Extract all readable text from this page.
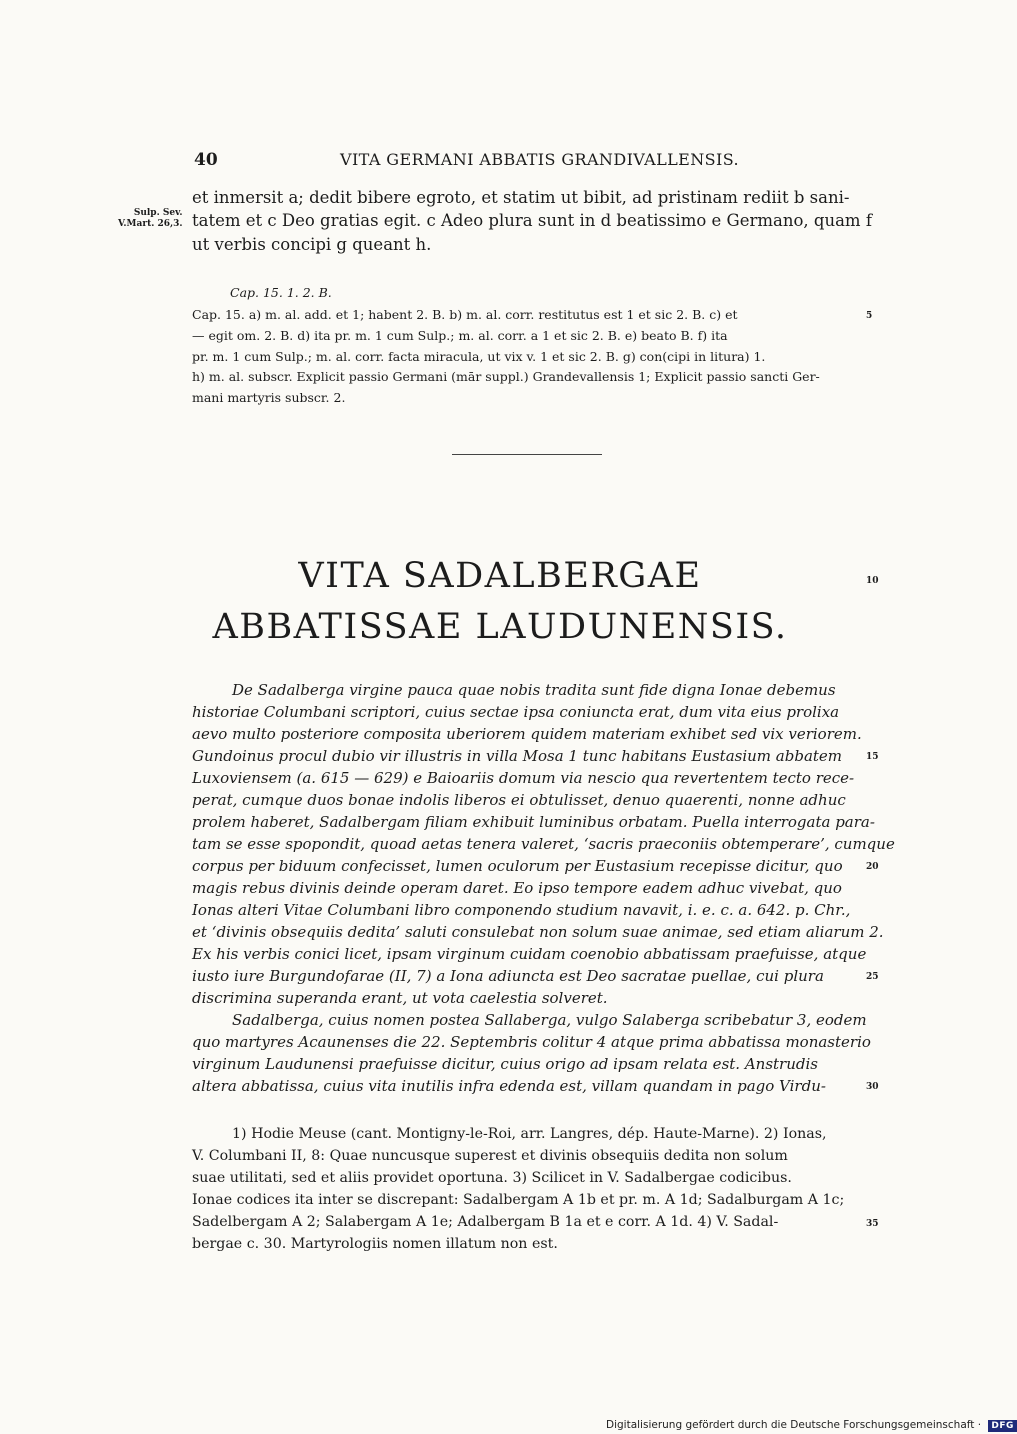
40	VITA GERMANI ABBATIS GRANDIVALLENSIS.
Sulp. Sev.
V.Mart. 26,3.
et inmersit a; dedit bibere egroto, et statim ut bibit, ad pristinam rediit b sani-
tatem et c Deo gratias egit. c Adeo plura sunt in d beatissimo e Germano, quam f
ut verbis concipi g queant h.
Cap. 15. 1. 2. B.
Cap. 15. a) m. al. add. et 1; habent 2. B. b) m. al. corr. restitutus est 1 et sic 2. B. c) et
— egit om. 2. B. d) ita pr. m. 1 cum Sulp.; m. al. corr. a 1 et sic 2. B. e) beato B. f) ita
pr. m. 1 cum Sulp.; m. al. corr. facta miracula, ut vix v. 1 et sic 2. B. g) con(cipi in litura) 1.
h) m. al. subscr. Explicit passio Germani (mār suppl.) Grandevallensis 1; Explicit passio sancti Ger-
mani martyris subscr. 2.
VITA SADALBERGAE
ABBATISSAE LAUDUNENSIS.
De Sadalberga virgine pauca quae nobis tradita sunt fide digna Ionae debemus
historiae Columbani scriptori, cuius sectae ipsa coniuncta erat, dum vita eius prolixa
aevo multo posteriore composita uberiorem quidem materiam exhibet sed vix veriorem.
Gundoinus procul dubio vir illustris in villa Mosa 1 tunc habitans Eustasium abbatem
Luxoviensem (a. 615 — 629) e Baioariis domum via nescio qua revertentem tecto rece-
perat, cumque duos bonae indolis liberos ei obtulisset, denuo quaerenti, nonne adhuc
prolem haberet, Sadalbergam filiam exhibuit luminibus orbatam. Puella interrogata para-
tam se esse spopondit, quoad aetas tenera valeret, ‘sacris praeconiis obtemperare’, cumque
corpus per biduum confecisset, lumen oculorum per Eustasium recepisse dicitur, quo
magis rebus divinis deinde operam daret. Eo ipso tempore eadem adhuc vivebat, quo
Ionas alteri Vitae Columbani libro componendo studium navavit, i. e. c. a. 642. p. Chr.,
et ‘divinis obsequiis dedita’ saluti consulebat non solum suae animae, sed etiam aliarum 2.
Ex his verbis conici licet, ipsam virginum cuidam coenobio abbatissam praefuisse, atque
iusto iure Burgundofarae (II, 7) a Iona adiuncta est Deo sacratae puellae, cui plura
discrimina superanda erant, ut vota caelestia solveret.
Sadalberga, cuius nomen postea Sallaberga, vulgo Salaberga scribebatur 3, eodem
quo martyres Acaunenses die 22. Septembris colitur 4 atque prima abbatissa monasterio
virginum Laudunensi praefuisse dicitur, cuius origo ad ipsam relata est. Anstrudis
altera abbatissa, cuius vita inutilis infra edenda est, villam quandam in pago Virdu-
1) Hodie Meuse (cant. Montigny-le-Roi, arr. Langres, dép. Haute-Marne). 2) Ionas,
V. Columbani II, 8: Quae nuncusque superest et divinis obsequiis dedita non solum
suae utilitati, sed et aliis providet oportuna. 3) Scilicet in V. Sadalbergae codicibus.
Ionae codices ita inter se discrepant: Sadalbergam A 1b et pr. m. A 1d; Sadalburgam A 1c;
Sadelbergam A 2; Salabergam A 1e; Adalbergam B 1a et e corr. A 1d. 4) V. Sadal-
bergae c. 30. Martyrologiis nomen illatum non est.
5
10
15
20
25
30
35
Digitalisierung gefördert durch die Deutsche Forschungsgemeinschaft · DFG
